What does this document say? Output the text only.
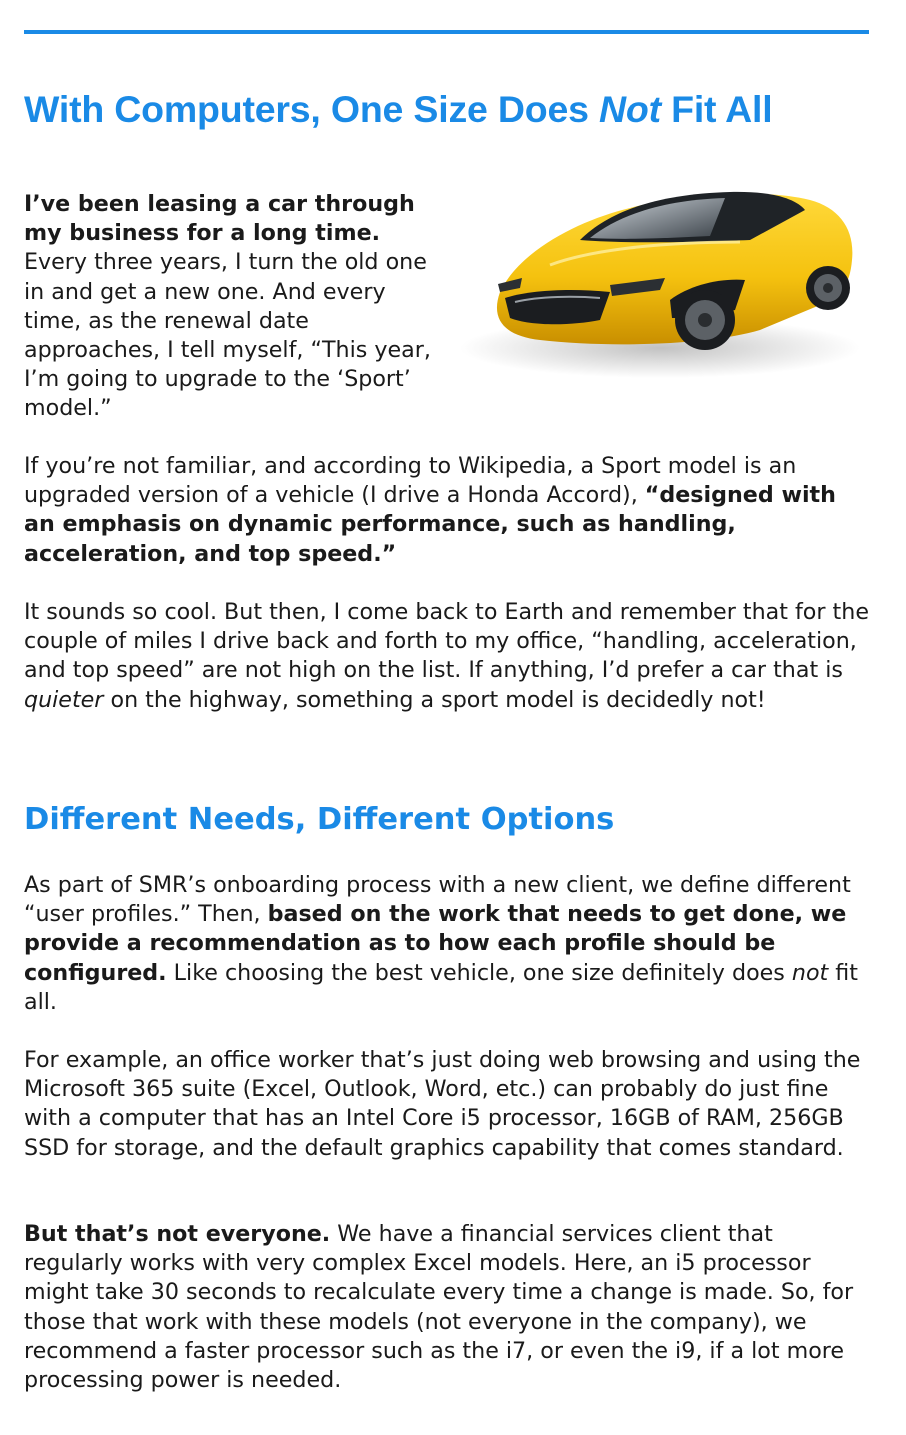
With Computers, One Size Does Not Fit All

I’ve been leasing a car through my business for a long time. Every three years, I turn the old one in and get a new one. And every time, as the renewal date approaches, I tell myself, “This year, I’m going to upgrade to the ‘Sport’ model.”

If you’re not familiar, and according to Wikipedia, a Sport model is an upgraded version of a vehicle (I drive a Honda Accord), “designed with an emphasis on dynamic performance, such as handling, acceleration, and top speed.”

It sounds so cool. But then, I come back to Earth and remember that for the couple of miles I drive back and forth to my office, “handling, acceleration, and top speed” are not high on the list. If anything, I’d prefer a car that is quieter on the highway, something a sport model is decidedly not!

Different Needs, Different Options

As part of SMR’s onboarding process with a new client, we define different “user profiles.” Then, based on the work that needs to get done, we provide a recommendation as to how each profile should be configured. Like choosing the best vehicle, one size definitely does not fit all.

For example, an office worker that’s just doing web browsing and using the Microsoft 365 suite (Excel, Outlook, Word, etc.) can probably do just fine with a computer that has an Intel Core i5 processor, 16GB of RAM, 256GB SSD for storage, and the default graphics capability that comes standard.

But that’s not everyone. We have a financial services client that regularly works with very complex Excel models. Here, an i5 processor might take 30 seconds to recalculate every time a change is made. So, for those that work with these models (not everyone in the company), we recommend a faster processor such as the i7, or even the i9, if a lot more processing power is needed.
